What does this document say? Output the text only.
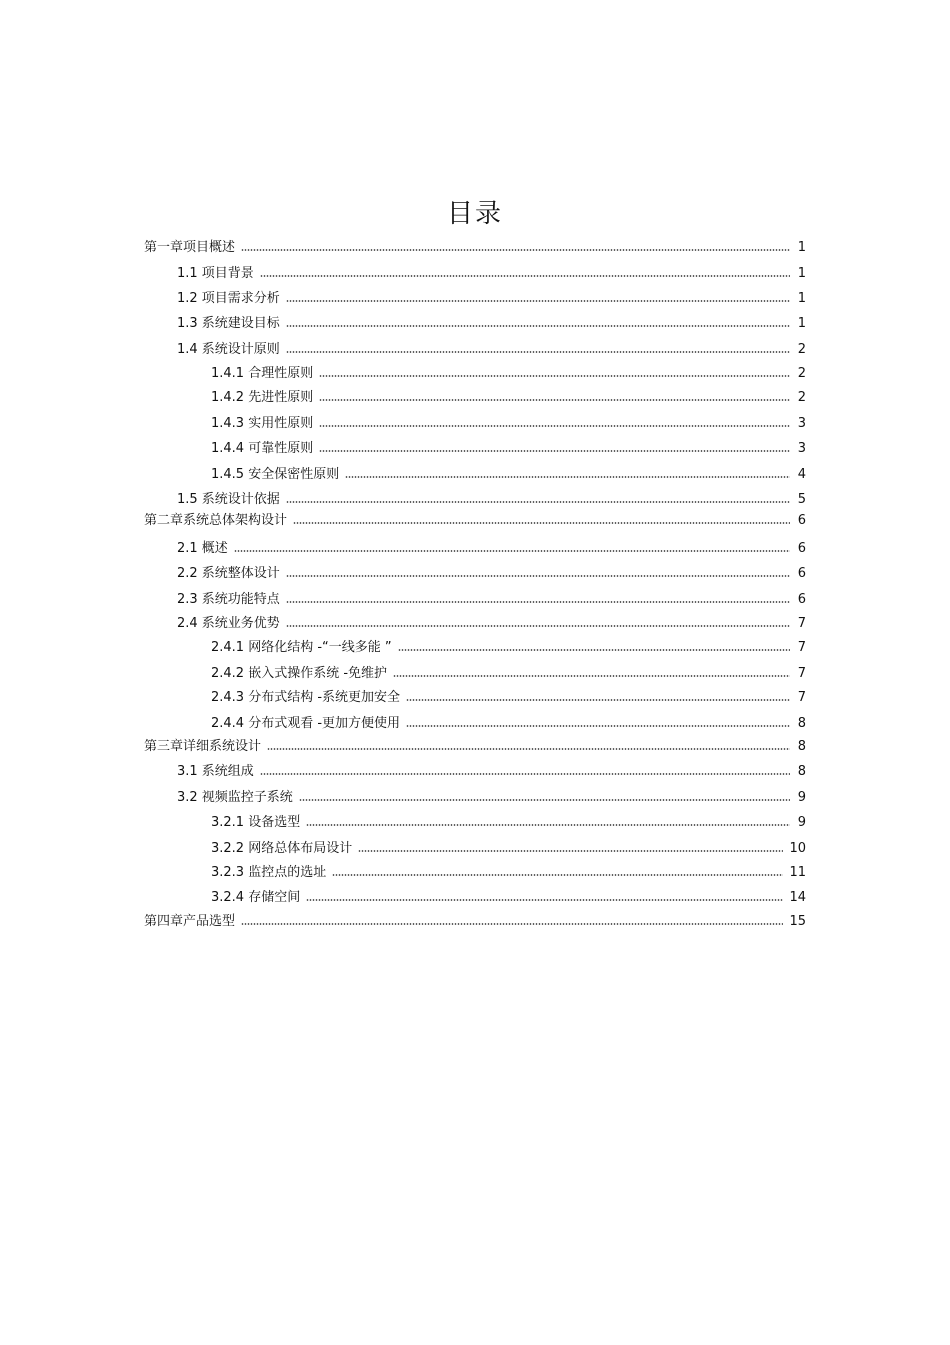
目录
第一章项目概述	1
1.1 项目背景	1
1.2 项目需求分析	1
1.3 系统建设目标	1
1.4 系统设计原则	2
1.4.1 合理性原则	2
1.4.2 先进性原则	2
1.4.3 实用性原则	3
1.4.4 可靠性原则	3
1.4.5 安全保密性原则	4
1.5 系统设计依据	5
第二章系统总体架构设计	6
2.1 概述	6
2.2 系统整体设计	6
2.3 系统功能特点	6
2.4 系统业务优势	7
2.4.1 网络化结构 -“一线多能 ”	7
2.4.2 嵌入式操作系统 -免维护	7
2.4.3 分布式结构 -系统更加安全	7
2.4.4 分布式观看 -更加方便使用	8
第三章详细系统设计	8
3.1 系统组成	8
3.2 视频监控子系统	9
3.2.1 设备选型	9
3.2.2 网络总体布局设计	10
3.2.3 监控点的选址	11
3.2.4 存储空间	14
第四章产品选型	15
